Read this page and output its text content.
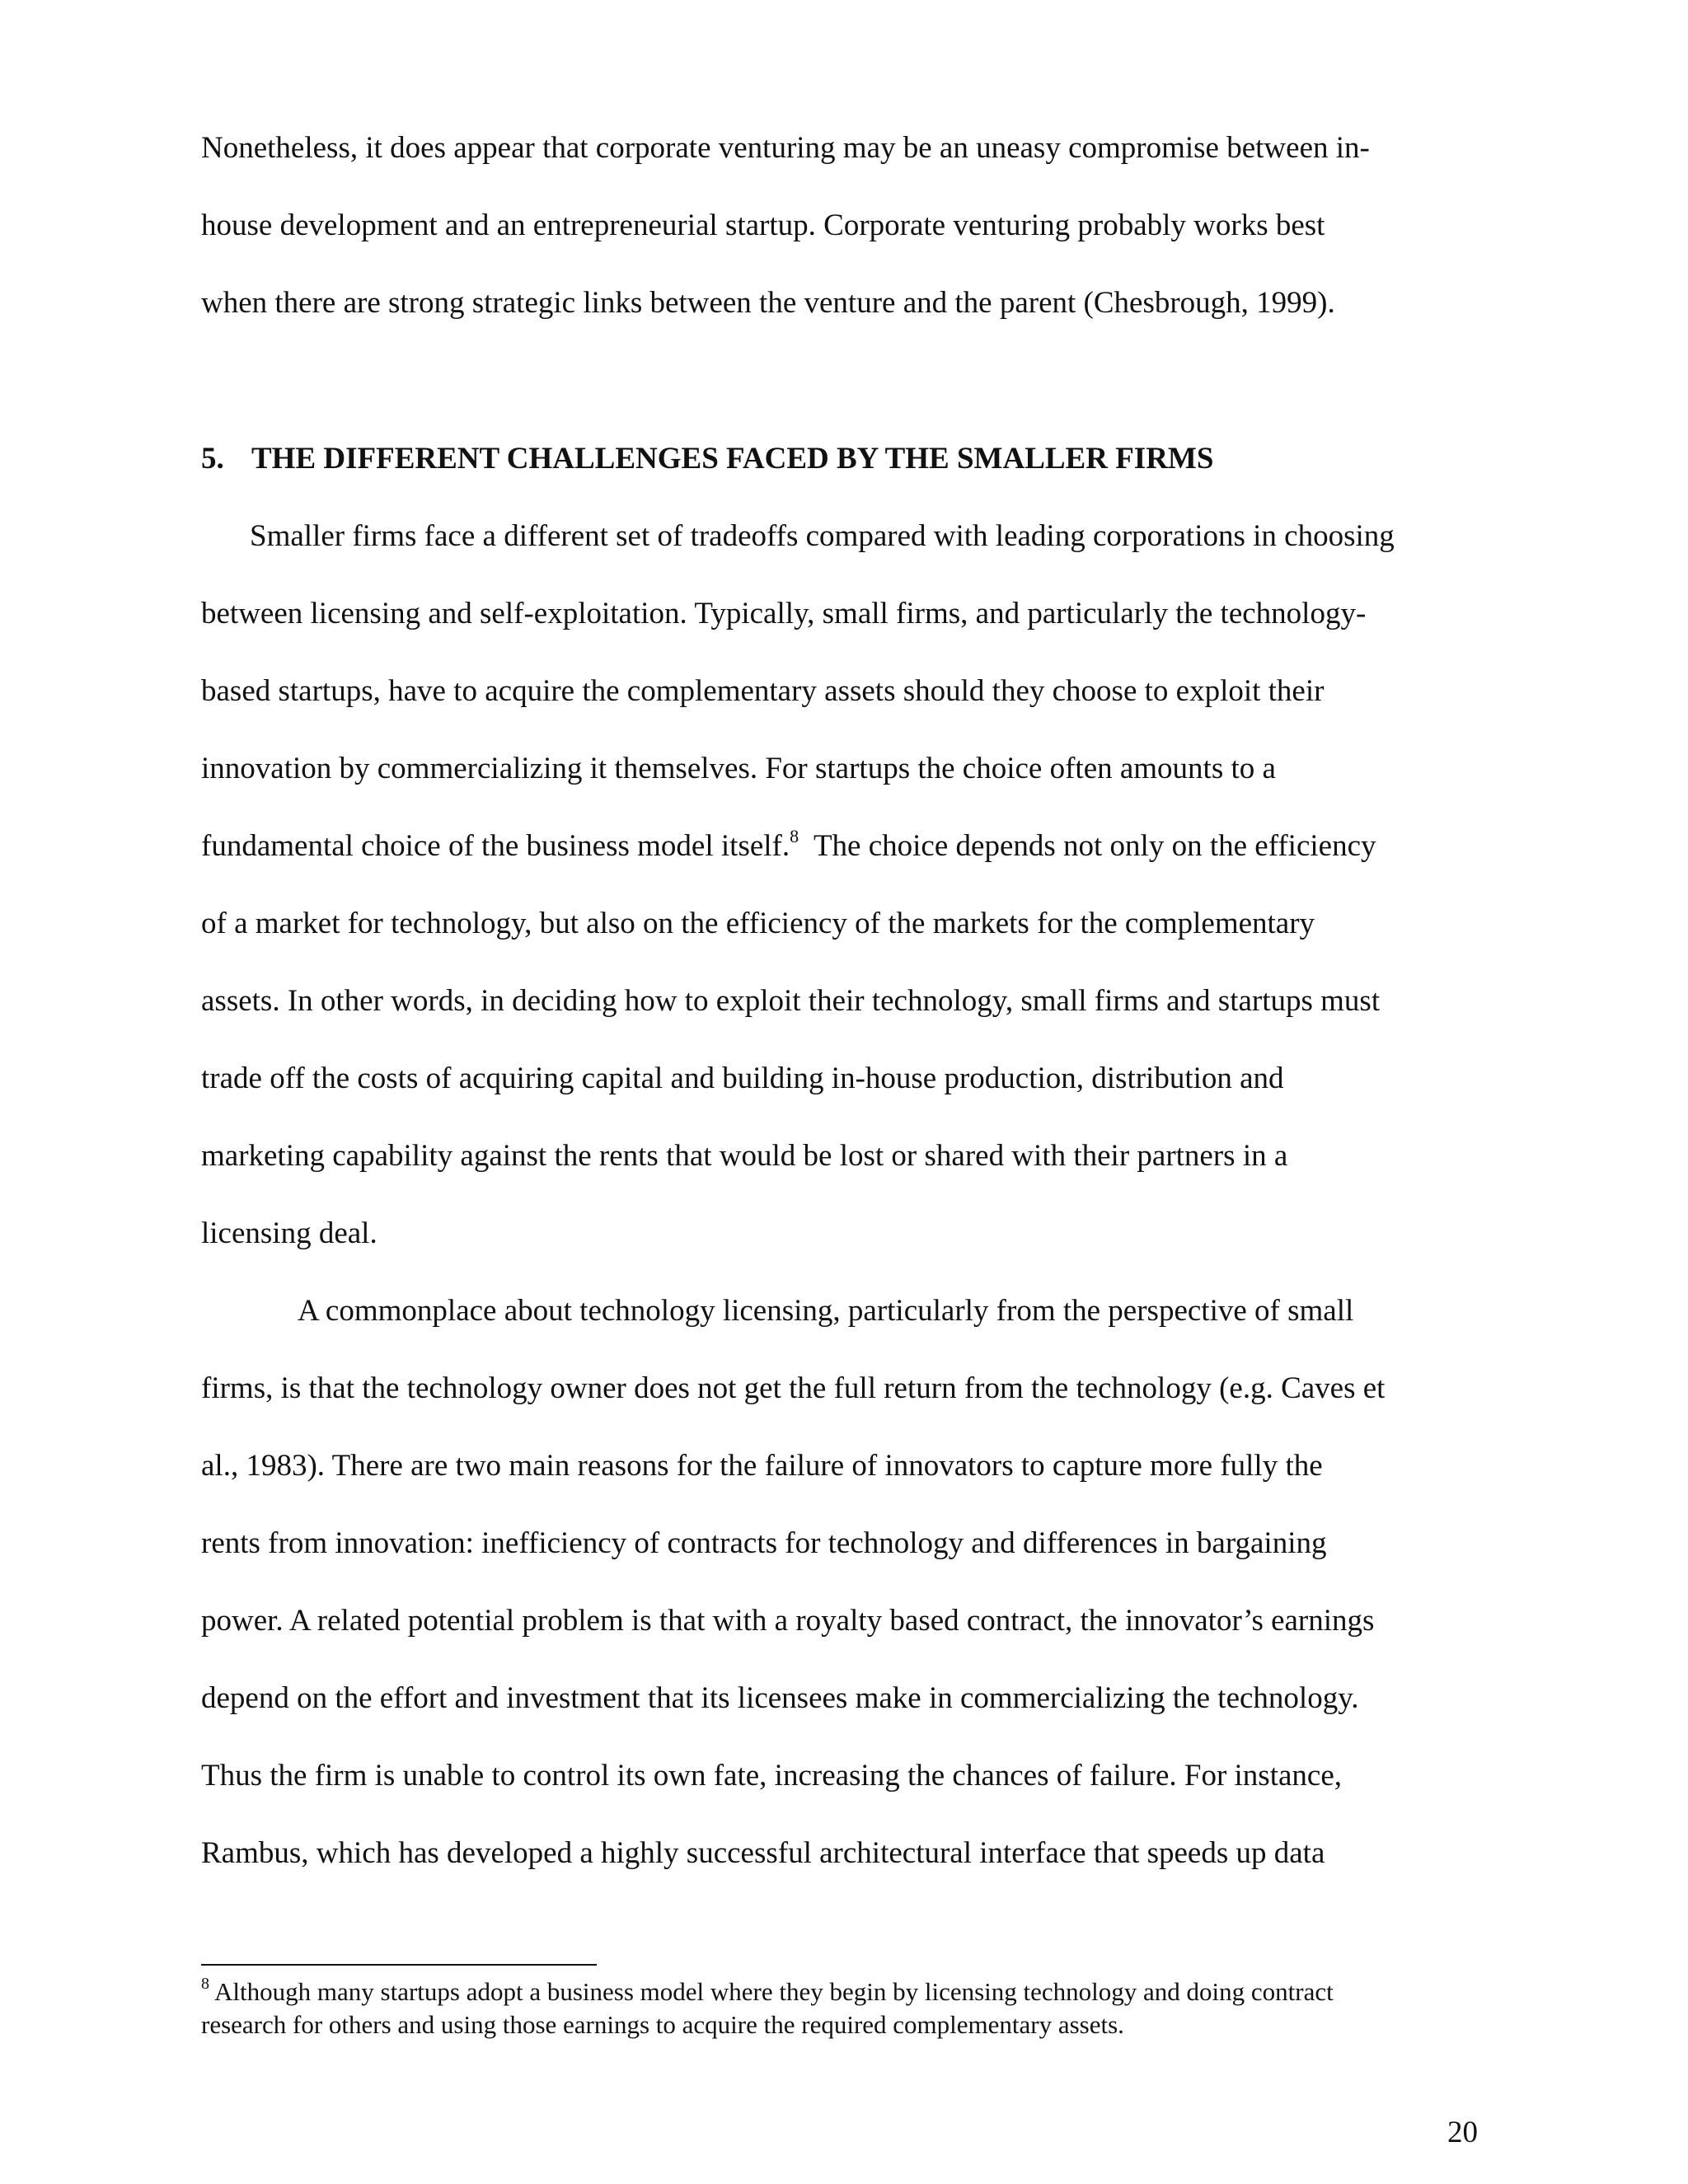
Nonetheless, it does appear that corporate venturing may be an uneasy compromise between in-
house development and an entrepreneurial startup. Corporate venturing probably works best
when there are strong strategic links between the venture and the parent (Chesbrough, 1999).
5. THE DIFFERENT CHALLENGES FACED BY THE SMALLER FIRMS
Smaller firms face a different set of tradeoffs compared with leading corporations in choosing
between licensing and self-exploitation. Typically, small firms, and particularly the technology-
based startups, have to acquire the complementary assets should they choose to exploit their
innovation by commercializing it themselves. For startups the choice often amounts to a
fundamental choice of the business model itself.$^8$  The choice depends not only on the efficiency
of a market for technology, but also on the efficiency of the markets for the complementary
assets. In other words, in deciding how to exploit their technology, small firms and startups must
trade off the costs of acquiring capital and building in-house production, distribution and
marketing capability against the rents that would be lost or shared with their partners in a
licensing deal.
A commonplace about technology licensing, particularly from the perspective of small
firms, is that the technology owner does not get the full return from the technology (e.g. Caves et
al., 1983). There are two main reasons for the failure of innovators to capture more fully the
rents from innovation: inefficiency of contracts for technology and differences in bargaining
power. A related potential problem is that with a royalty based contract, the innovator’s earnings
depend on the effort and investment that its licensees make in commercializing the technology.
Thus the firm is unable to control its own fate, increasing the chances of failure. For instance,
Rambus, which has developed a highly successful architectural interface that speeds up data
$^8$ Although many startups adopt a business model where they begin by licensing technology and doing contract
research for others and using those earnings to acquire the required complementary assets.
20
